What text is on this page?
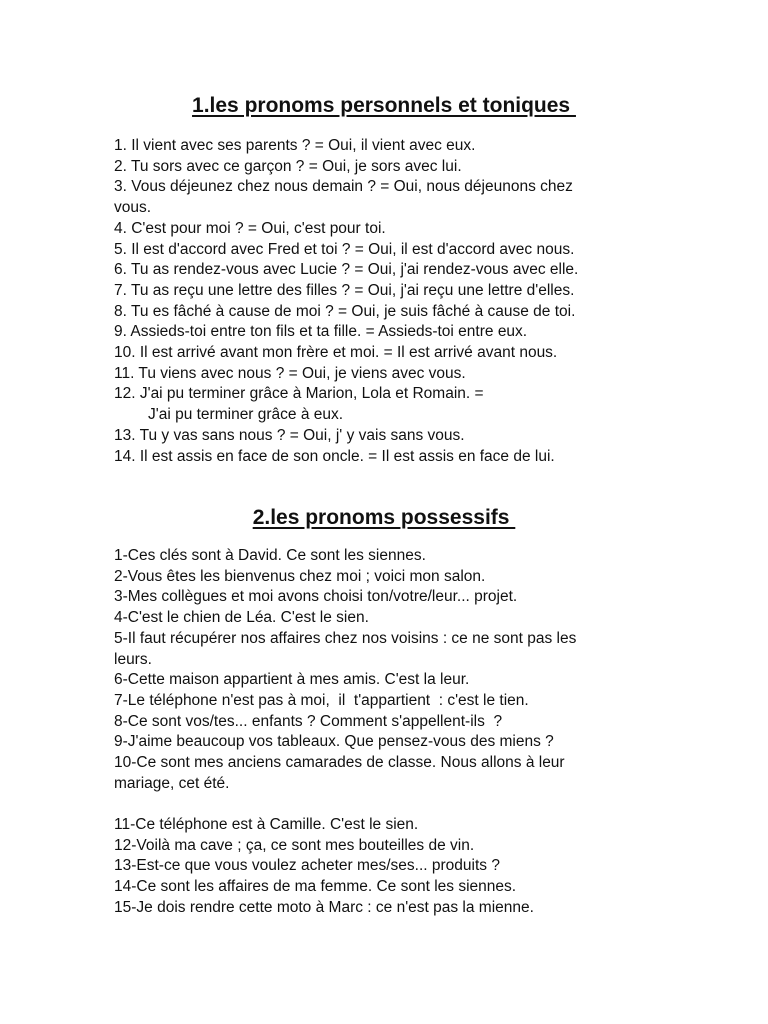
1.les pronoms personnels et toniques
1. Il vient avec ses parents ? = Oui, il vient avec eux.
2. Tu sors avec ce garçon ? = Oui, je sors avec lui.
3. Vous déjeunez chez nous demain ? = Oui, nous déjeunons chez
vous.
4. C'est pour moi ? = Oui, c'est pour toi.
5. Il est d'accord avec Fred et toi ? = Oui, il est d'accord avec nous.
6. Tu as rendez-vous avec Lucie ? = Oui, j'ai rendez-vous avec elle.
7. Tu as reçu une lettre des filles ? = Oui, j'ai reçu une lettre d'elles.
8. Tu es fâché à cause de moi ? = Oui, je suis fâché à cause de toi.
9. Assieds-toi entre ton fils et ta fille. = Assieds-toi entre eux.
10. Il est arrivé avant mon frère et moi. = Il est arrivé avant nous.
11. Tu viens avec nous ? = Oui, je viens avec vous.
12. J'ai pu terminer grâce à Marion, Lola et Romain. =
J'ai pu terminer grâce à eux.
13. Tu y vas sans nous ? = Oui, j' y vais sans vous.
14. Il est assis en face de son oncle. = Il est assis en face de lui.
2.les pronoms possessifs
1-Ces clés sont à David. Ce sont les siennes.
2-Vous êtes les bienvenus chez moi ; voici mon salon.
3-Mes collègues et moi avons choisi ton/votre/leur... projet.
4-C'est le chien de Léa. C'est le sien.
5-Il faut récupérer nos affaires chez nos voisins : ce ne sont pas les
leurs.
6-Cette maison appartient à mes amis. C'est la leur.
7-Le téléphone n'est pas à moi,  il  t'appartient  : c'est le tien.
8-Ce sont vos/tes... enfants ? Comment s'appellent-ils  ?
9-J'aime beaucoup vos tableaux. Que pensez-vous des miens ?
10-Ce sont mes anciens camarades de classe. Nous allons à leur
mariage, cet été.
11-Ce téléphone est à Camille. C'est le sien.
12-Voilà ma cave ; ça, ce sont mes bouteilles de vin.
13-Est-ce que vous voulez acheter mes/ses... produits ?
14-Ce sont les affaires de ma femme. Ce sont les siennes.
15-Je dois rendre cette moto à Marc : ce n'est pas la mienne.
